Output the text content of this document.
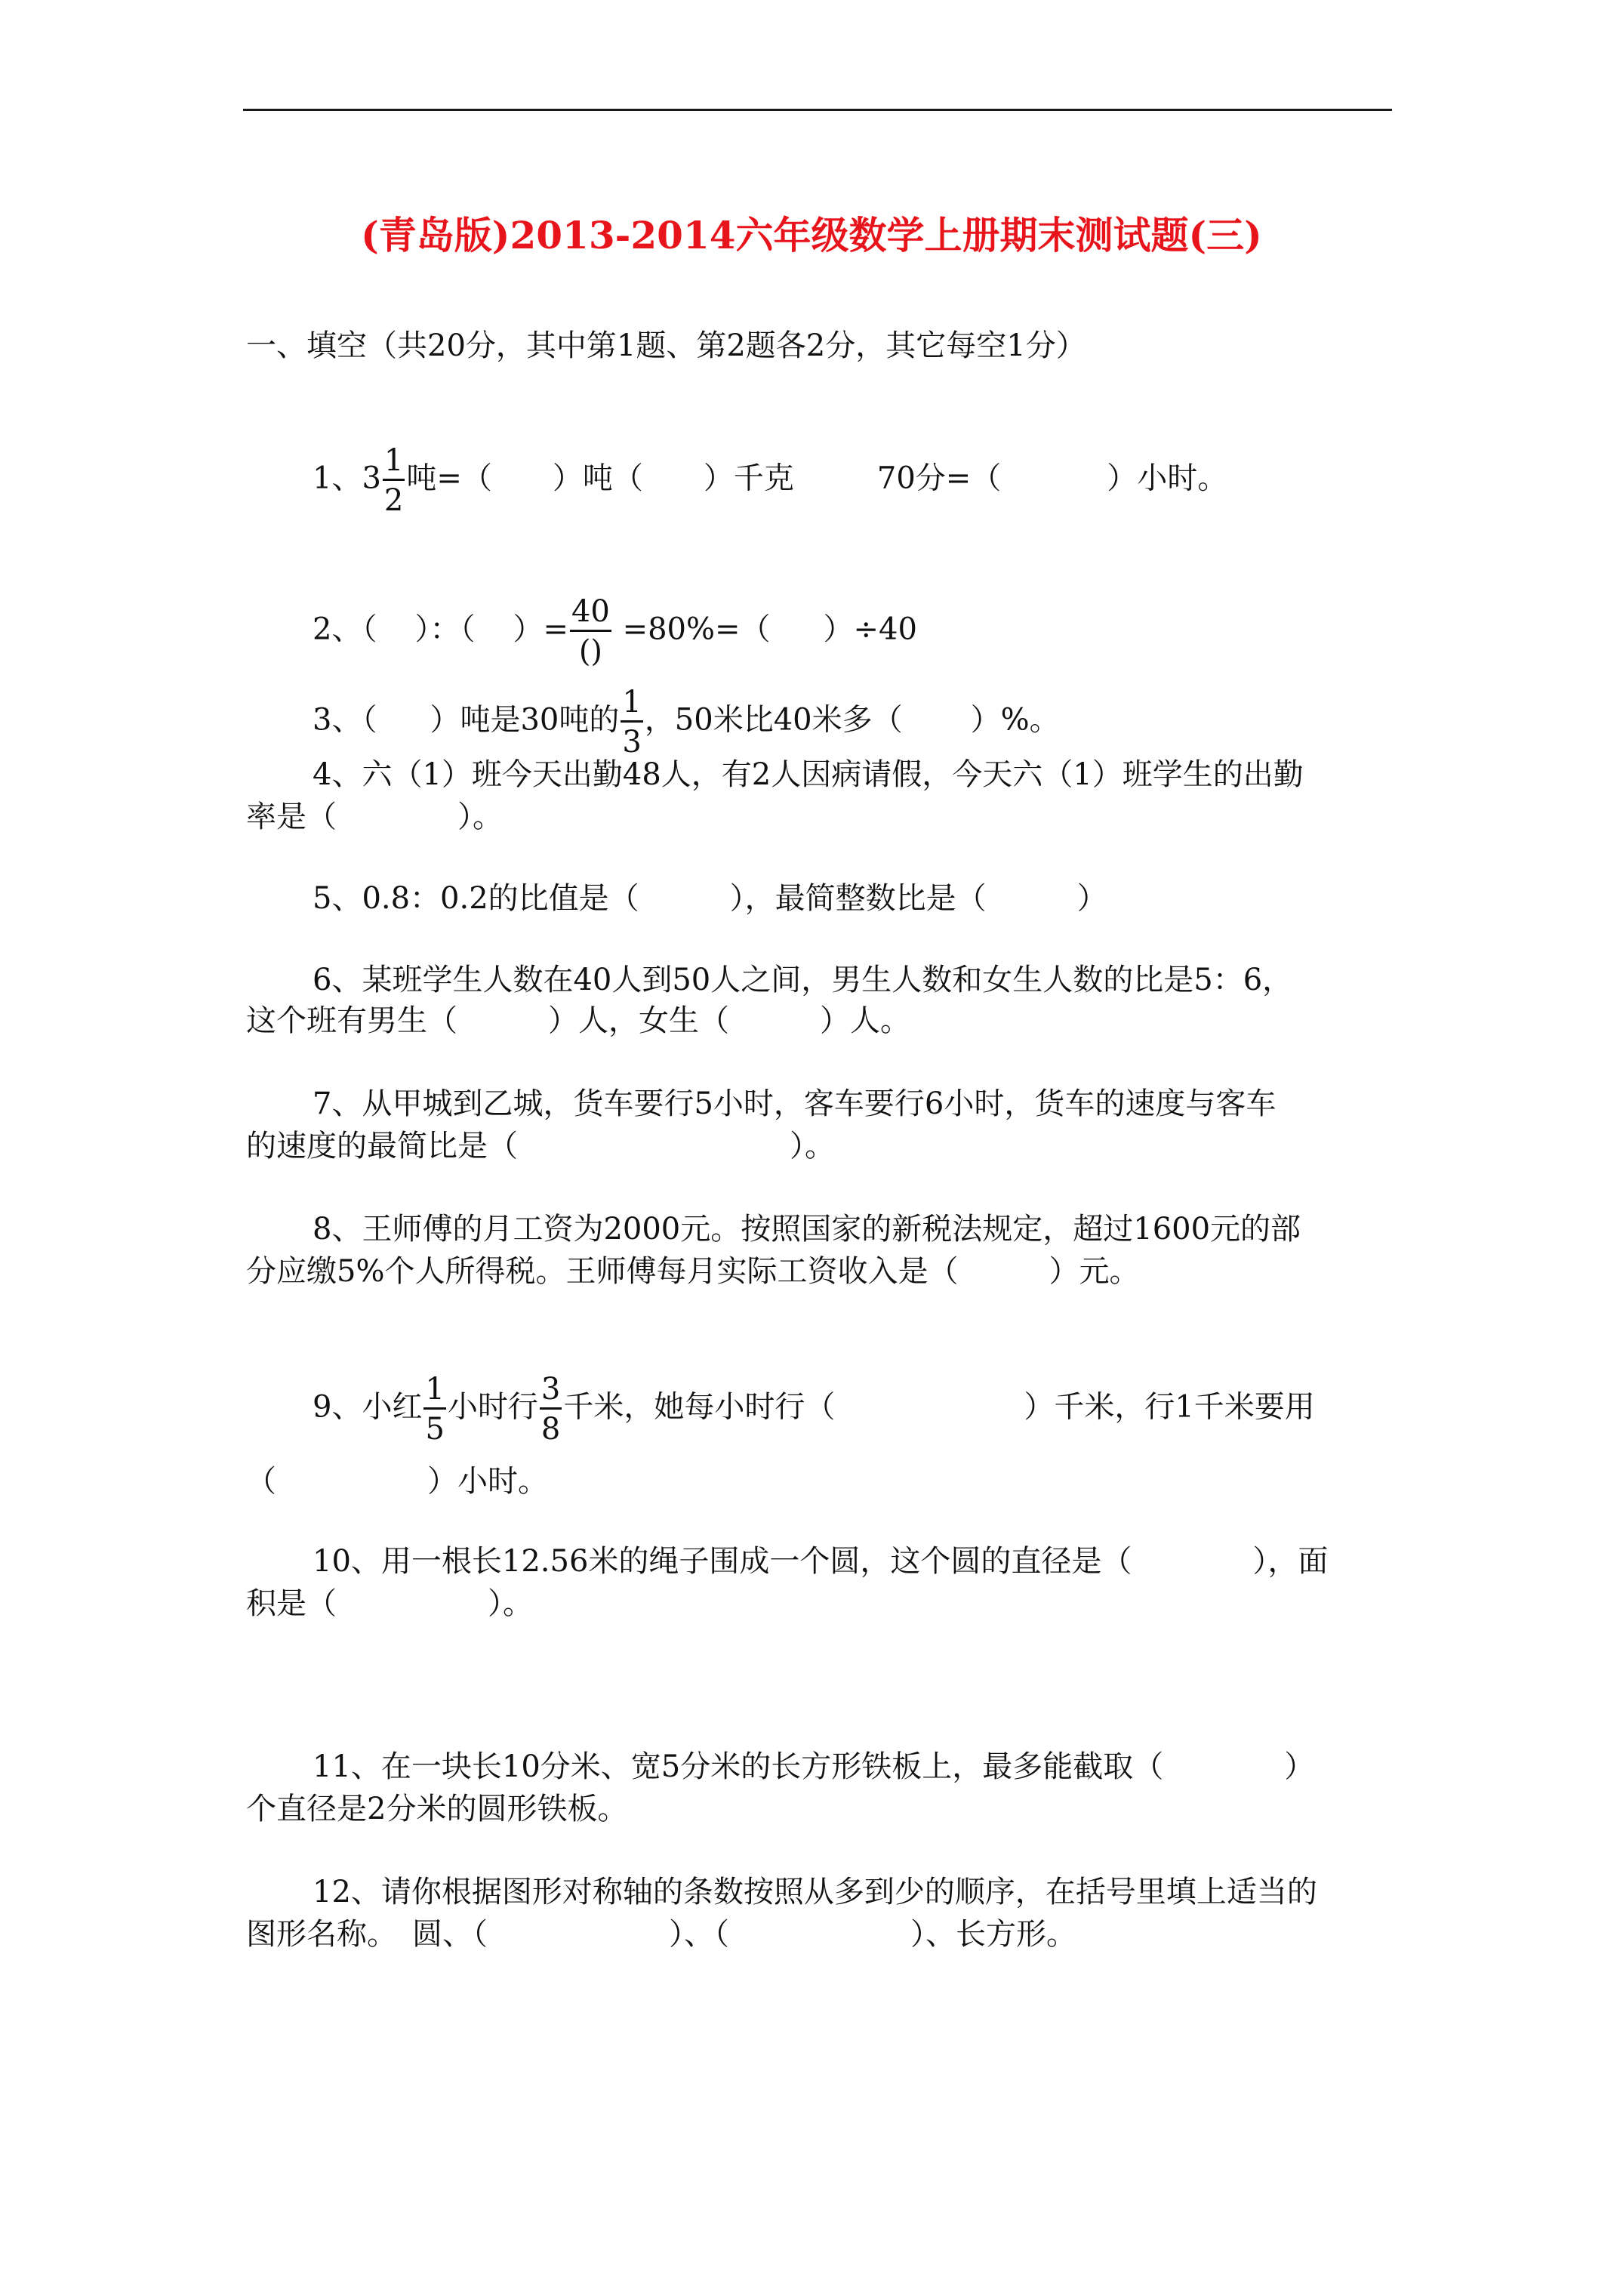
(青岛版)2013-2014六年级数学上册期末测试题(三)
一、填空（共20分，其中第1题、第2题各2分，其它每空1分）
1、$3 \frac{1}{2}$ 吨=（ ）吨（ ）千克	70分=（	）小时。
2、（ ）：（ ）= $\frac{40}{()} =80\%=$（ ）÷40
3、（ ）吨是30吨的 $\frac{1}{3}$ ，50米比40米多（ ）%。
4、六（1）班今天出勤48人，有2人因病请假，今天六（1）班学生的出勤
率是（　　　　）。
5、0.8：0.2的比值是（　　　），最简整数比是（　　　）
6、某班学生人数在40人到50人之间，男生人数和女生人数的比是5：6，
这个班有男生（　　　）人，女生（　　　）人。
7、从甲城到乙城，货车要行5小时，客车要行6小时，货车的速度与客车
的速度的最简比是（　　　　　　　　　）。
8、王师傅的月工资为2000元。按照国家的新税法规定，超过1600元的部
分应缴5%个人所得税。王师傅每月实际工资收入是（　　　）元。
9、小红 $\frac{1}{5}$ 小时行 $\frac{3}{8}$ 千米，她每小时行（	）千米，行1千米要用
（　　　　　）小时。
10、用一根长12.56米的绳子围成一个圆，这个圆的直径是（　　　　），面
积是（　　　　　）。
11、在一块长10分米、宽5分米的长方形铁板上，最多能截取（　　　　）
个直径是2分米的圆形铁板。
12、请你根据图形对称轴的条数按照从多到少的顺序，在括号里填上适当的
图形名称。　圆、（　　　　　　）、（　　　　　　）、长方形。
